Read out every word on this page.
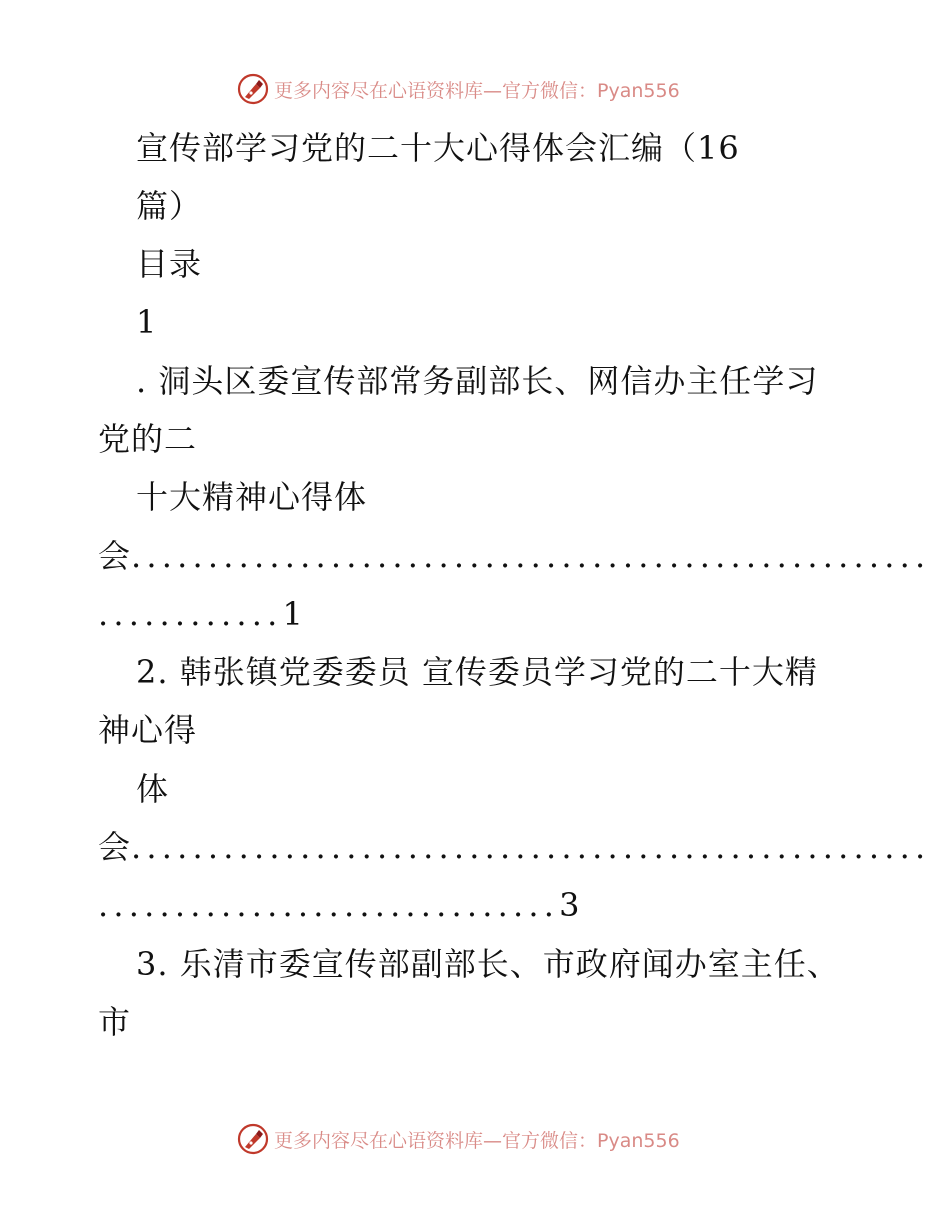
更多内容尽在心语资料库—官方微信：Pyan556
宣传部学习党的二十大心得体会汇编（16
篇）
目录
1
. 洞头区委宣传部常务副部长、网信办主任学习
党的二
十大精神心得体
会....................................................
............1
2. 韩张镇党委委员 宣传委员学习党的二十大精
神心得
体
会....................................................
..............................3
3. 乐清市委宣传部副部长、市政府闻办室主任、
市
更多内容尽在心语资料库—官方微信：Pyan556
